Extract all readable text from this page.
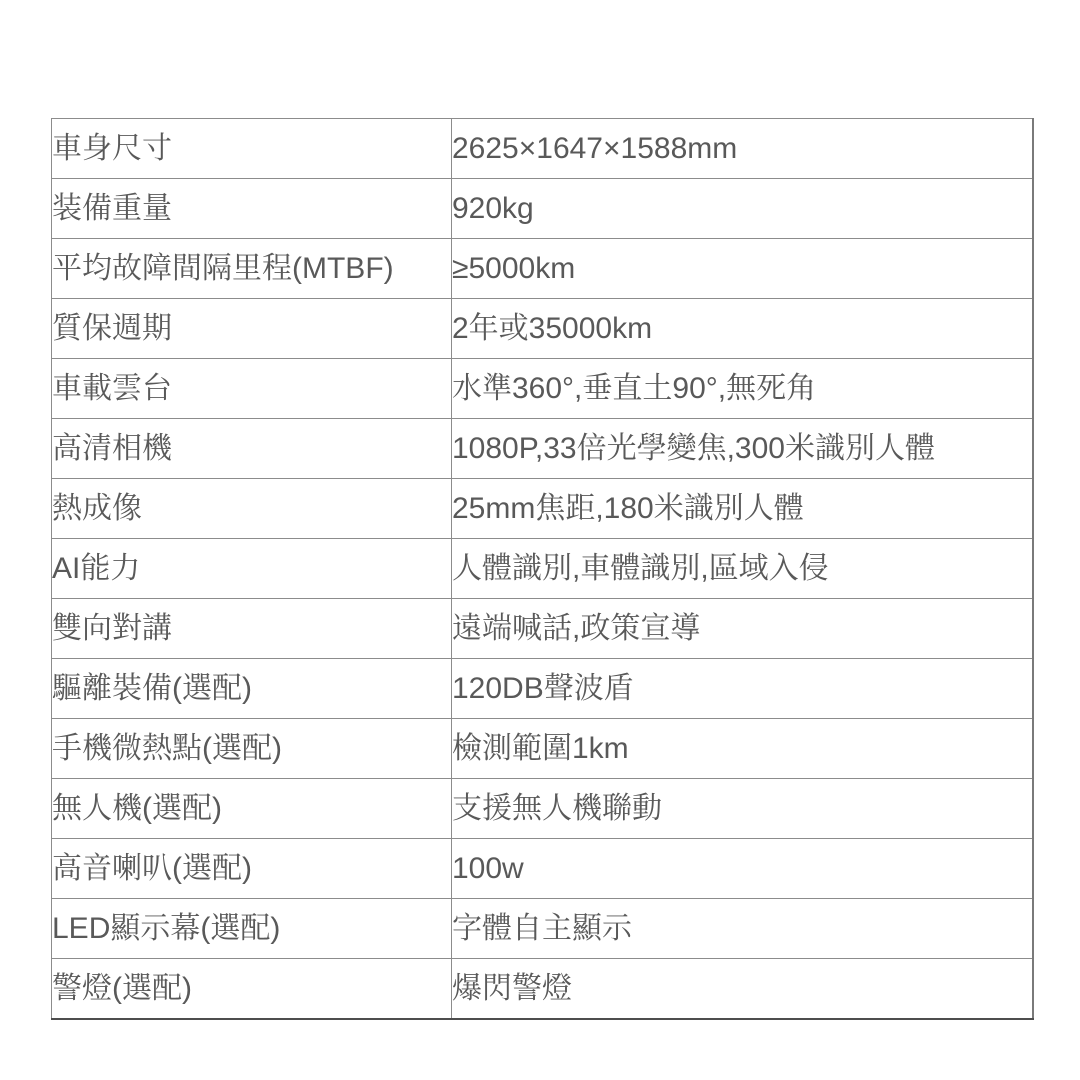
車身尺寸	2625×1647×1588mm
装備重量	920kg
平均故障間隔里程(MTBF)	≥5000km
質保週期	2年或35000km
車載雲台	水準360°,垂直土90°,無死角
高清相機	1080P,33倍光學變焦,300米識別人體
熱成像	25mm焦距,180米識別人體
AI能力	人體識別,車體識別,區域入侵
雙向對講	遠端喊話,政策宣導
驅離裝備(選配)	120DB聲波盾
手機微熱點(選配)	檢測範圍1km
無人機(選配)	支援無人機聯動
高音喇叭(選配)	100w
LED顯示幕(選配)	字體自主顯示
警燈(選配)	爆閃警燈
